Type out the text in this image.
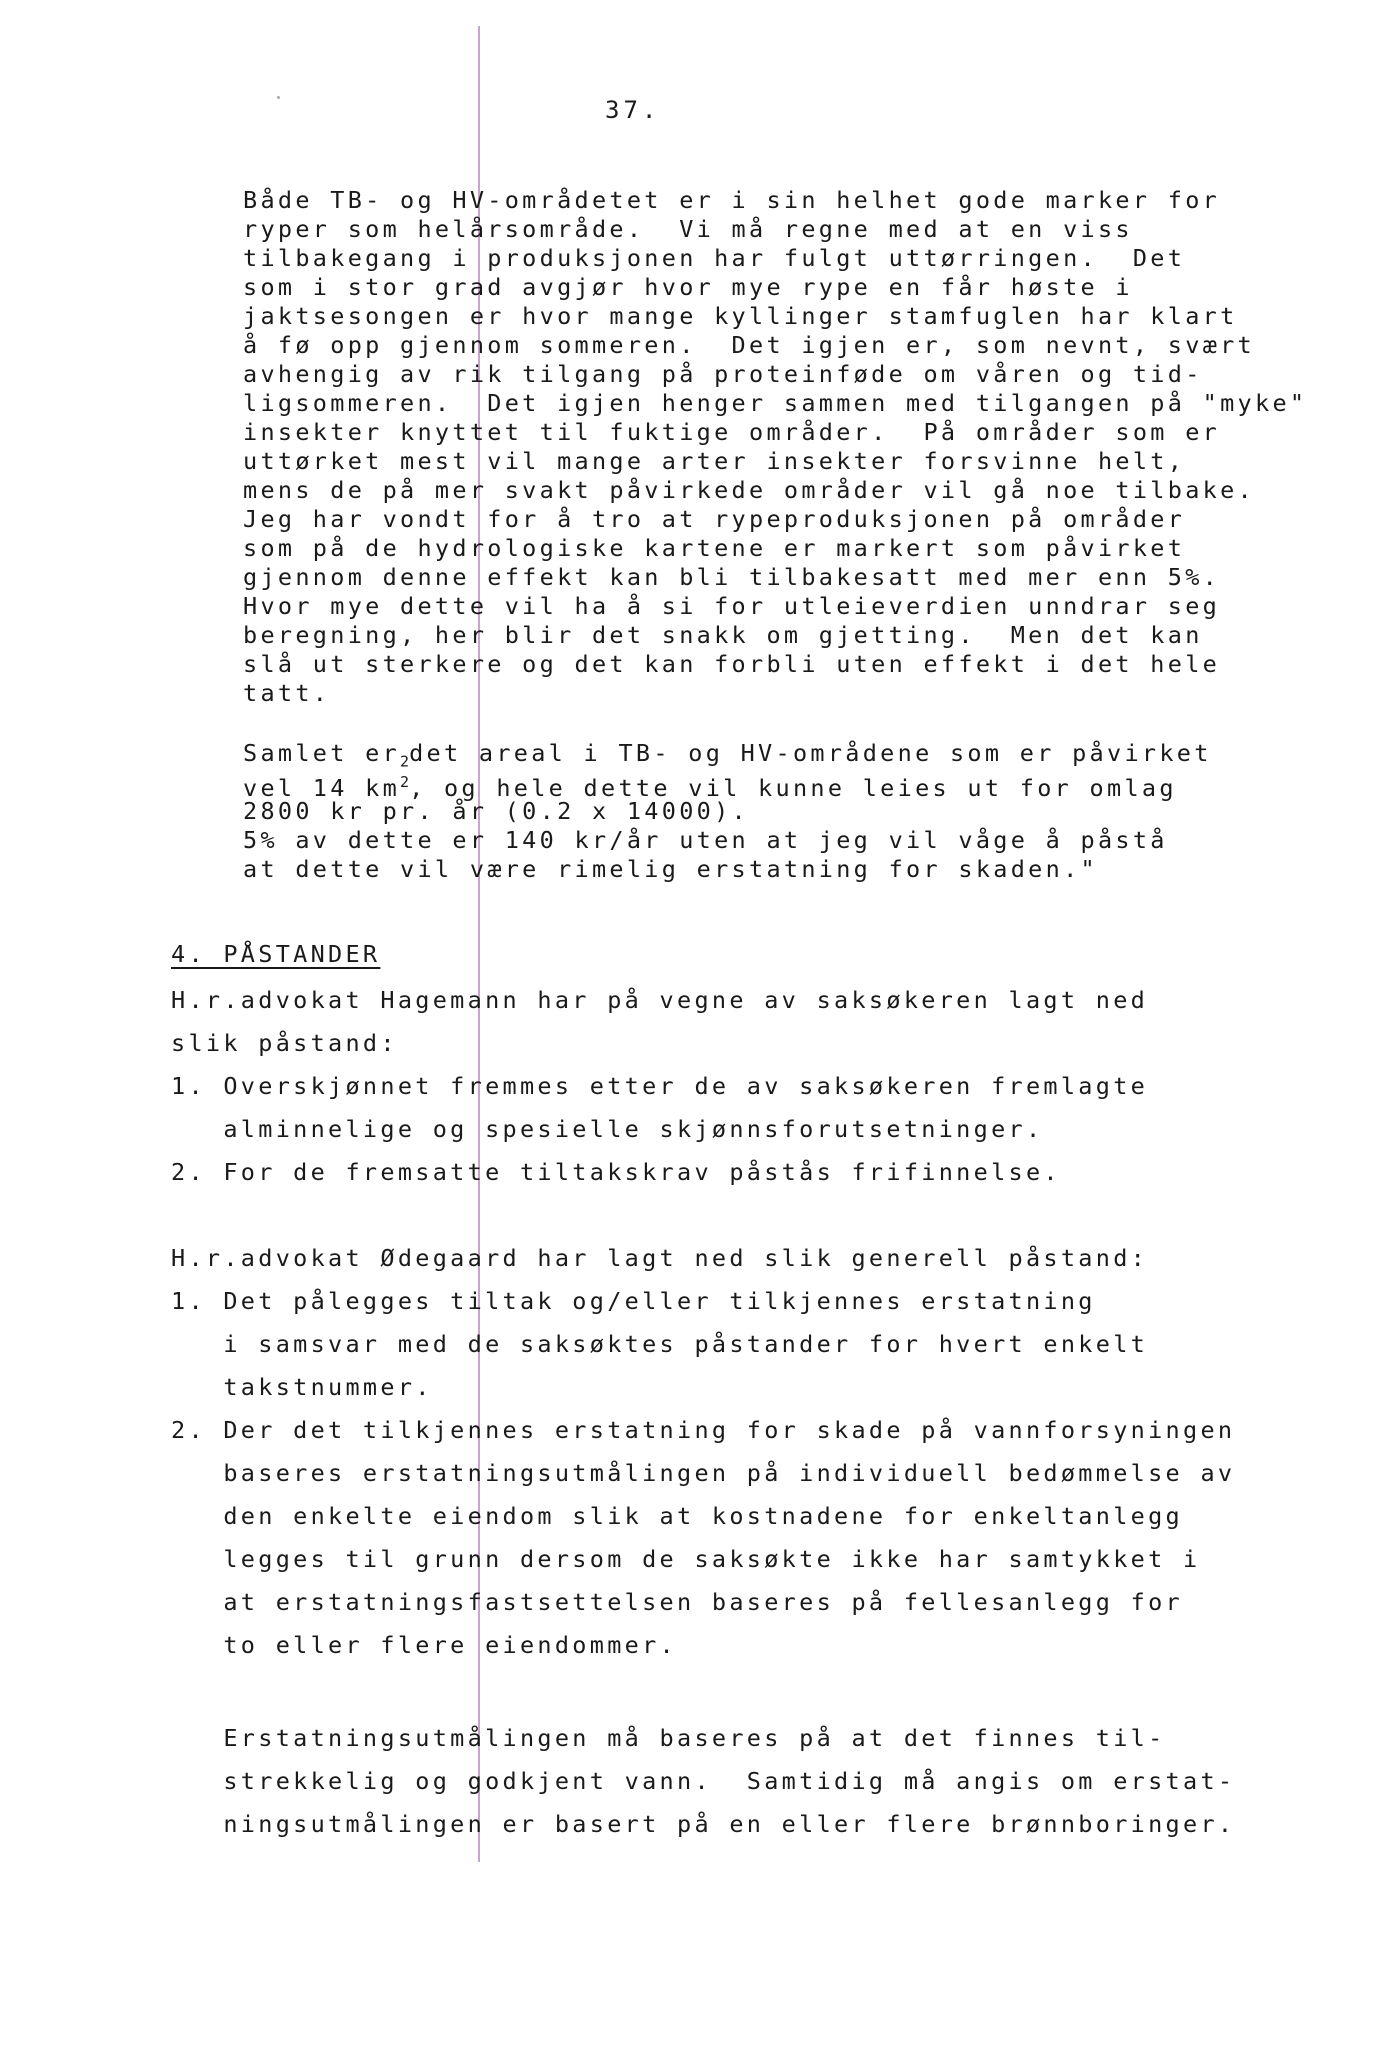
37.
Både TB- og HV-områdetet er i sin helhet gode marker for
ryper som helårsområde.  Vi må regne med at en viss
tilbakegang i produksjonen har fulgt uttørringen.  Det
som i stor grad avgjør hvor mye rype en får høste i
jaktsesongen er hvor mange kyllinger stamfuglen har klart
å fø opp gjennom sommeren.  Det igjen er, som nevnt, svært
avhengig av rik tilgang på proteinføde om våren og tid-
ligsommeren.  Det igjen henger sammen med tilgangen på "myke"
insekter knyttet til fuktige områder.  På områder som er
uttørket mest vil mange arter insekter forsvinne helt,
mens de på mer svakt påvirkede områder vil gå noe tilbake.
Jeg har vondt for å tro at rypeproduksjonen på områder
som på de hydrologiske kartene er markert som påvirket
gjennom denne effekt kan bli tilbakesatt med mer enn 5%.
Hvor mye dette vil ha å si for utleieverdien unndrar seg
beregning, her blir det snakk om gjetting.  Men det kan
slå ut sterkere og det kan forbli uten effekt i det hele
tatt.
Samlet $er_2\det$ areal i TB- og HV-områdene som er påvirket
vel 14 $km^2$, og hele dette vil kunne leies ut for omlag
2800 kr pr. år (0.2 x 14000).
5% av dette er 140 kr/år uten at jeg vil våge å påstå
at dette vil være rimelig erstatning for skaden."
4. PÅSTANDER
H.r.advokat Hagemann har på vegne av saksøkeren lagt ned
slik påstand:
1. Overskjønnet fremmes etter de av saksøkeren fremlagte
alminnelige og spesielle skjønnsforutsetninger.
2. For de fremsatte tiltakskrav påstås frifinnelse.
H.r.advokat Ødegaard har lagt ned slik generell påstand:
1. Det pålegges tiltak og/eller tilkjennes erstatning
i samsvar med de saksøktes påstander for hvert enkelt
takstnummer.
2. Der det tilkjennes erstatning for skade på vannforsyningen
baseres erstatningsutmålingen på individuell bedømmelse av
den enkelte eiendom slik at kostnadene for enkeltanlegg
legges til grunn dersom de saksøkte ikke har samtykket i
at erstatningsfastsettelsen baseres på fellesanlegg for
to eller flere eiendommer.
Erstatningsutmålingen må baseres på at det finnes til-
strekkelig og godkjent vann.  Samtidig må angis om erstat-
ningsutmålingen er basert på en eller flere brønnboringer.
